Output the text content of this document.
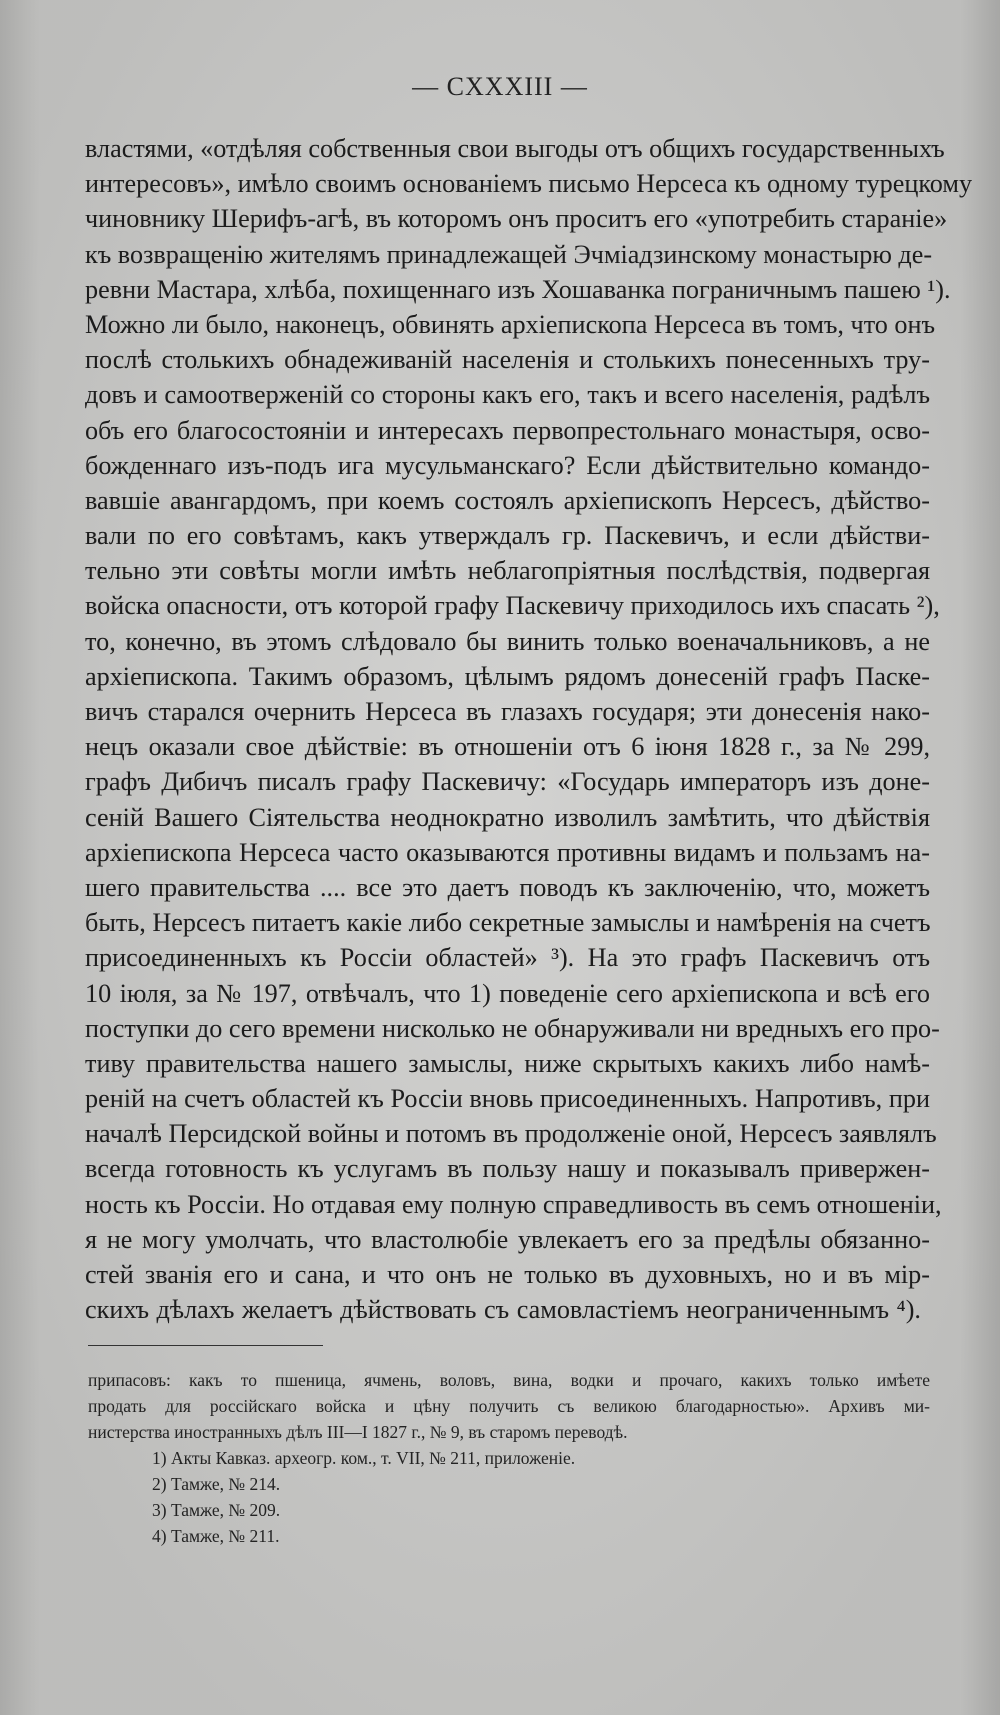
— CXXXIII —
властями, «отдѣляя собственныя свои выгоды отъ общихъ государственныхъ
интересовъ», имѣло своимъ основаніемъ письмо Нерсеса къ одному турецкому
чиновнику Шерифъ-агѣ, въ которомъ онъ проситъ его «употребить стараніе»
къ возвращенію жителямъ принадлежащей Эчміадзинскому монастырю де-
ревни Мастара, хлѣба, похищеннаго изъ Хошаванка пограничнымъ пашею ¹).
Можно ли было, наконецъ, обвинять архіепископа Нерсеса въ томъ, что онъ
послѣ столькихъ обнадеживаній населенія и столькихъ понесенныхъ тру-
довъ и самоотверженій со стороны какъ его, такъ и всего населенія, радѣлъ
объ его благосостояніи и интересахъ первопрестольнаго монастыря, осво-
божденнаго изъ-подъ ига мусульманскаго? Если дѣйствительно командо-
вавшіе авангардомъ, при коемъ состоялъ архіепископъ Нерсесъ, дѣйство-
вали по его совѣтамъ, какъ утверждалъ гр. Паскевичъ, и если дѣйстви-
тельно эти совѣты могли имѣть неблагопріятныя послѣдствія, подвергая
войска опасности, отъ которой графу Паскевичу приходилось ихъ спасать ²),
то, конечно, въ этомъ слѣдовало бы винить только военачальниковъ, а не
архіепископа. Такимъ образомъ, цѣлымъ рядомъ донесеній графъ Паске-
вичъ старался очернить Нерсеса въ глазахъ государя; эти донесенія нако-
нецъ оказали свое дѣйствіе: въ отношеніи отъ 6 іюня 1828 г., за № 299,
графъ Дибичъ писалъ графу Паскевичу: «Государь императоръ изъ доне-
сеній Вашего Сіятельства неоднократно изволилъ замѣтить, что дѣйствія
архіепископа Нерсеса часто оказываются противны видамъ и пользамъ на-
шего правительства .... все это даетъ поводъ къ заключенію, что, можетъ
быть, Нерсесъ питаетъ какіе либо секретные замыслы и намѣренія на счетъ
присоединенныхъ къ Россіи областей» ³). На это графъ Паскевичъ отъ
10 іюля, за № 197, отвѣчалъ, что 1) поведеніе сего архіепископа и всѣ его
поступки до сего времени нисколько не обнаруживали ни вредныхъ его про-
тиву правительства нашего замыслы, ниже скрытыхъ какихъ либо намѣ-
реній на счетъ областей къ Россіи вновь присоединенныхъ. Напротивъ, при
началѣ Персидской войны и потомъ въ продолженіе оной, Нерсесъ заявлялъ
всегда готовность къ услугамъ въ пользу нашу и показывалъ привержен-
ность къ Россіи. Но отдавая ему полную справедливость въ семъ отношеніи,
я не могу умолчать, что властолюбіе увлекаетъ его за предѣлы обязанно-
стей званія его и сана, и что онъ не только въ духовныхъ, но и въ мір-
скихъ дѣлахъ желаетъ дѣйствовать съ самовластіемъ неограниченнымъ ⁴).
припасовъ: какъ то пшеница, ячмень, воловъ, вина, водки и прочаго, какихъ только имѣете
продать для россійскаго войска и цѣну получить съ великою благодарностью». Архивъ ми-
нистерства иностранныхъ дѣлъ III—I 1827 г., № 9, въ старомъ переводѣ.
1) Акты Кавказ. археогр. ком., т. VII, № 211, приложеніе.
2) Тамже, № 214.
3) Тамже, № 209.
4) Тамже, № 211.
